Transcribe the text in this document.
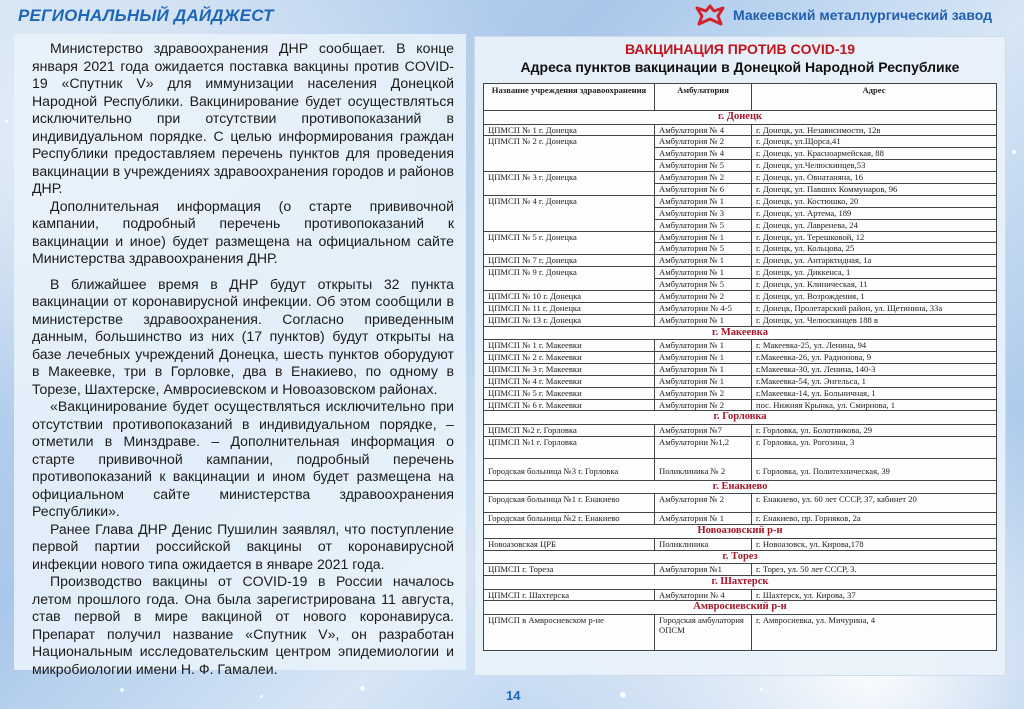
РЕГИОНАЛЬНЫЙ ДАЙДЖЕСТ	Макеевский металлургический завод

Министерство здравоохранения ДНР сообщает. В конце января 2021 года ожидается поставка вакцины против COVID-19 «Спутник V» для иммунизации населения Донецкой Народной Республики. Вакцинирование будет осуществляться исключительно при отсутствии противопоказаний в индивидуальном порядке. С целью информирования граждан Республики предоставляем перечень пунктов для проведения вакцинации в учреждениях здравоохранения городов и районов ДНР.

Дополнительная информация (о старте прививочной кампании, подробный перечень противопоказаний к вакцинации и иное) будет размещена на официальном сайте Министерства здравоохранения ДНР.

В ближайшее время в ДНР будут открыты 32 пункта вакцинации от коронавирусной инфекции. Об этом сообщили в министерстве здравоохранения. Согласно приведенным данным, большинство из них (17 пунктов) будут открыты на базе лечебных учреждений Донецка, шесть пунктов оборудуют в Макеевке, три в Горловке, два в Енакиево, по одному в Торезе, Шахтерске, Амвросиевском и Новоазовском районах.

«Вакцинирование будет осуществляться исключительно при отсутствии противопоказаний в индивидуальном порядке, – отметили в Минздраве. – Дополнительная информация о старте прививочной кампании, подробный перечень противопоказаний к вакцинации и ином будет размещена на официальном сайте министерства здравоохранения Республики».

Ранее Глава ДНР Денис Пушилин заявлял, что поступление первой партии российской вакцины от коронавирусной инфекции нового типа ожидается в январе 2021 года.

Производство вакцины от COVID-19 в России началось летом прошлого года. Она была зарегистрирована 11 августа, став первой в мире вакциной от нового коронавируса. Препарат получил название «Спутник V», он разработан Национальным исследовательским центром эпидемиологии и микробиологии имени Н. Ф. Гамалеи.

ВАКЦИНАЦИЯ ПРОТИВ COVID-19
Адреса пунктов вакцинации в Донецкой Народной Республике
Название учреждения здравоохранения	Амбулатория	Адрес
г. Донецк		
ЦПМСП № 1 г. Донецка	Амбулатория № 4	г. Донецк, ул. Независимости, 12в
ЦПМСП № 2 г. Донецка	Амбулатория № 2	г. Донецк, ул.Щорса,41
	Амбулатория № 4	г. Донецк, ул. Красноармейская, 88
	Амбулатория № 5	г. Донецк, ул.Челюскинцев,53
ЦПМСП № 3 г. Донецка	Амбулатория № 2	г. Донецк, ул. Овнатаняна, 16
	Амбулатория № 6	г. Донецк, ул. Павших Коммунаров, 96
ЦПМСП № 4 г. Донецка	Амбулатория № 1	г. Донецк, ул. Костюшко, 20
	Амбулатория № 3	г. Донецк, ул. Артема, 189
	Амбулатория № 5	г. Донецк, ул. Лавренева, 24
ЦПМСП № 5 г. Донецка	Амбулатория № 1	г. Донецк, ул. Терешковой, 12
	Амбулатория № 5	г. Донецк, ул. Кольцова, 25
ЦПМСП № 7 г. Донецка	Амбулатория № 1	г. Донецк, ул. Антарктидная, 1а
ЦПМСП № 9 г. Донецка	Амбулатория № 1	г. Донецк, ул. Диккенса, 1
	Амбулатория № 5	г. Донецк, ул. Клиническая, 11
ЦПМСП № 10 г. Донецка	Амбулатория № 2	г. Донецк, ул. Возрождения, 1
ЦПМСП № 11 г. Донецка	Амбулатории № 4-5	г. Донецк, Пролетарский район, ул. Щетинина, 33а
ЦПМСП № 13 г. Донецка	Амбулатория № 1	г. Донецк, ул. Челюскинцев 188 в
г. Макеевка		
ЦПМСП № 1 г. Макеевки	Амбулатория № 1	г. Макеевка-25, ул. Ленина, 94
ЦПМСП № 2 г. Макеевки	Амбулатория № 1	г.Макеевка-26, ул. Радионова, 9
ЦПМСП № 3 г. Макеевки	Амбулатория № 1	г.Макеевка-30, ул. Ленина, 140-3
ЦПМСП № 4 г. Макеевки	Амбулатория № 1	г.Макеевка-54, ул. Энгельса, 1
ЦПМСП № 5 г. Макеевки	Амбулатория № 2	г.Макеевка-14, ул. Больничная, 1
ЦПМСП № 6 г. Макеевки	Амбулатория № 2	пос. Нижняя Крынка, ул. Смирнова, 1
г. Горловка		
ЦПМСП №2 г. Горловка	Амбулатория №7	г. Горловка, ул. Болотникова, 29
ЦПМСП №1 г. Горловка	Амбулатории №1,2	г. Горловка, ул. Рогозина, 3
Городская больница №3 г. Горловка	Поликлиника № 2	г. Горловка, ул. Политехническая, 39
г. Енакиево		
Городская больница №1 г. Енакиево	Амбулатория № 2	г. Енакиево, ул. 60 лет СССР, 37, кабинет 20
Городская больница №2 г. Енакиево	Амбулатория № 1	г. Енакиево, пр. Горняков, 2а
Новоазовский р-н		
Новоазовская ЦРБ	Поликлиника	г. Новоазовск, ул. Кирова,178
г. Торез		
ЦПМСП г. Тореза	Амбулатория №1	г. Торез, ул. 50 лет СССР, 3.
г. Шахтерск		
ЦПМСП г. Шахтерска	Амбулатории № 4	г. Шахтерск, ул. Кирова, 37
Амвросиевский р-н		
ЦПМСП в Амвросиевском р-не	Городская амбулатория ОПСМ	г. Амвросиевка, ул. Мичурина, 4
14
